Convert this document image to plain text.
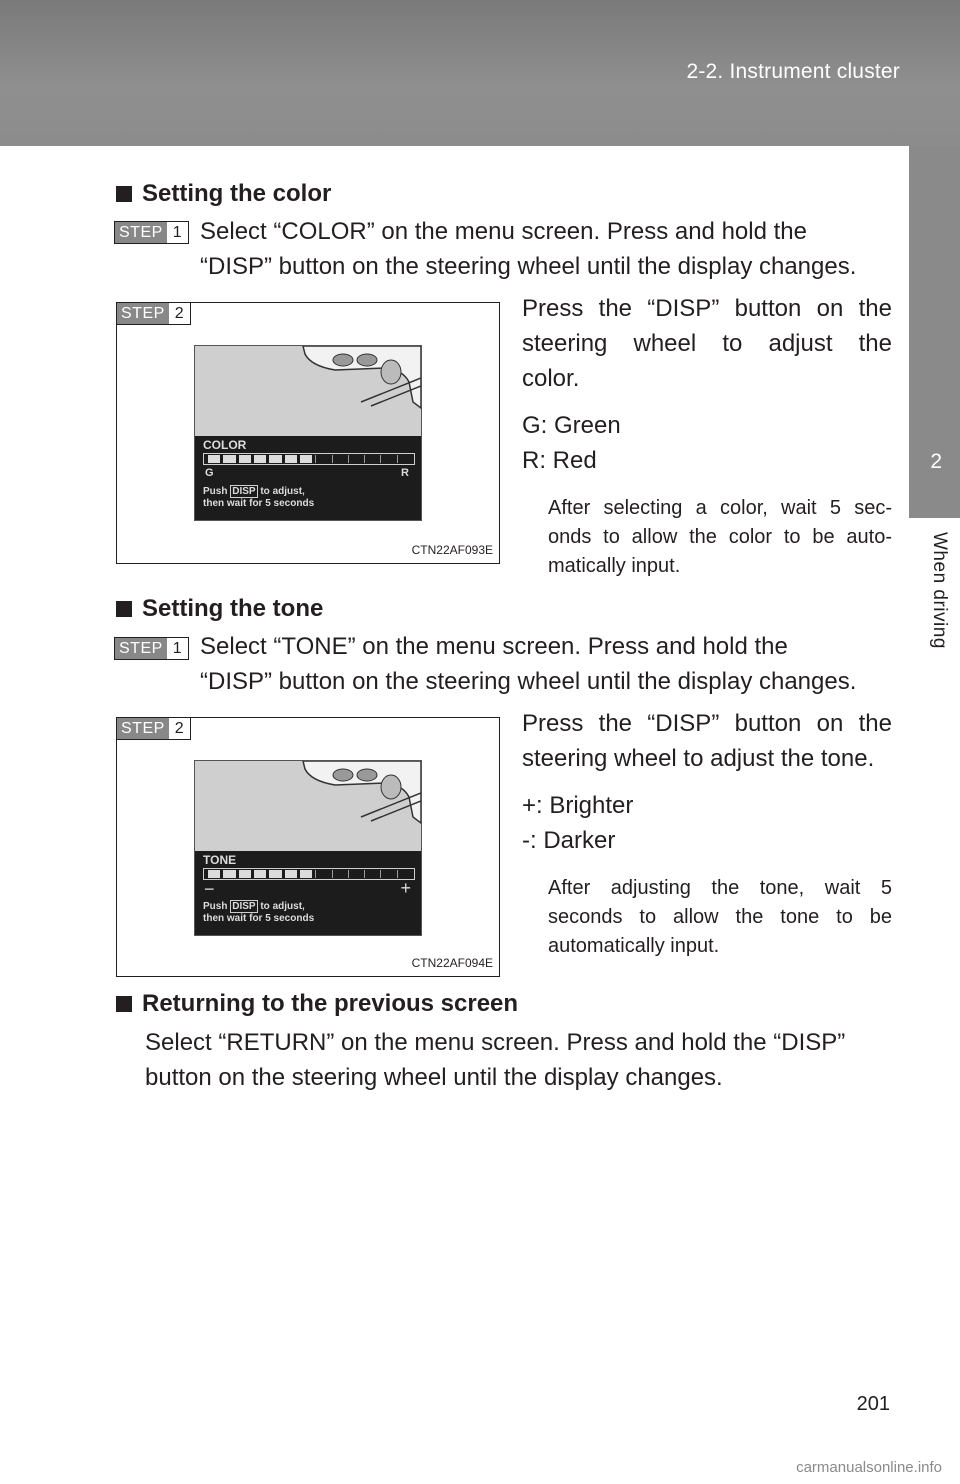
2-2. Instrument cluster
2
When driving
Setting the color
STEP 1 Select “COLOR” on the menu screen. Press and hold the
“DISP” button on the steering wheel until the display changes.
STEP 2
COLOR
G	R
Push DISP to adjust,
then wait for 5 seconds
CTN22AF093E
Press the “DISP” button on the
steering wheel to adjust the
color.
G: Green
R: Red
After selecting a color, wait 5 sec-
onds to allow the color to be auto-
matically input.
Setting the tone
STEP 1 Select “TONE” on the menu screen. Press and hold the
“DISP” button on the steering wheel until the display changes.
STEP 2
TONE
−	+
Push DISP to adjust,
then wait for 5 seconds
CTN22AF094E
Press the “DISP” button on the
steering wheel to adjust the tone.
+: Brighter
-: Darker
After adjusting the tone, wait 5
seconds to allow the tone to be
automatically input.
Returning to the previous screen
Select “RETURN” on the menu screen. Press and hold the “DISP”
button on the steering wheel until the display changes.
201
carmanualsonline.info
